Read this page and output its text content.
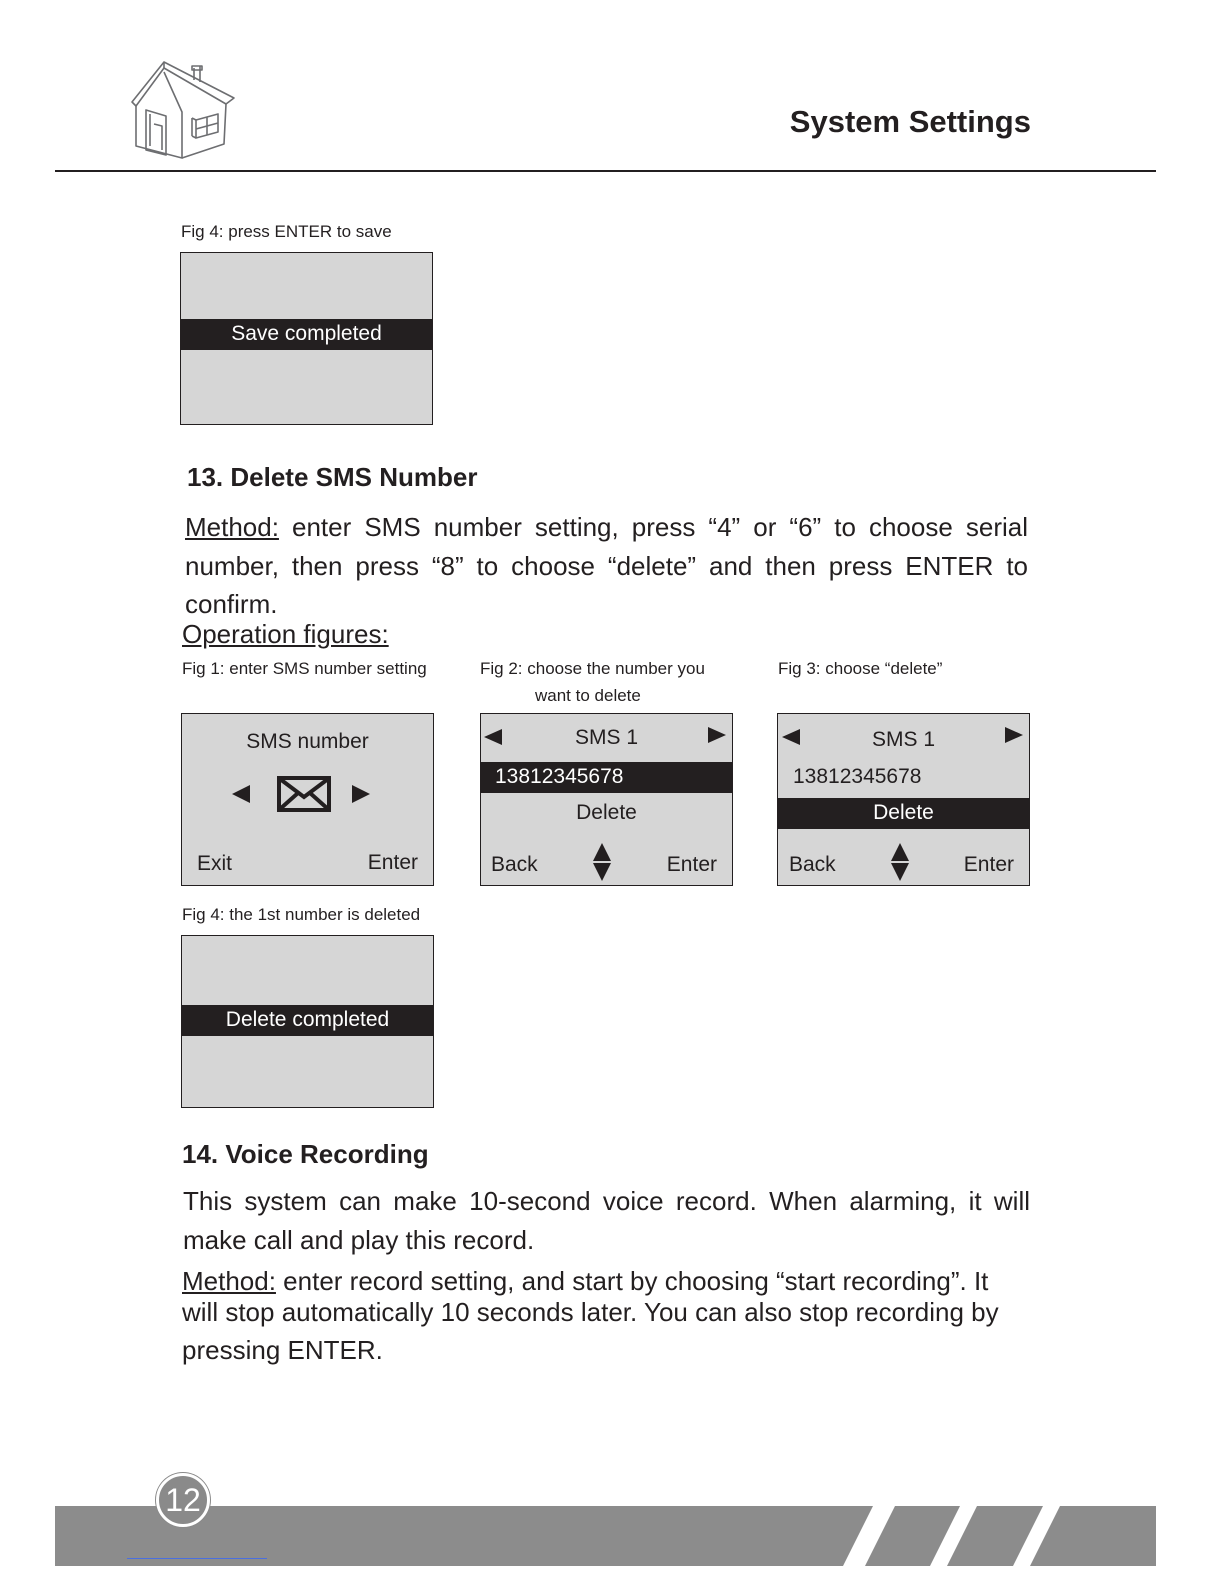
System Settings
Fig 4: press ENTER to save
Save completed
13. Delete SMS Number
Method: enter SMS number setting, press “4” or “6” to choose serial number, then press “8” to choose “delete” and then press ENTER to confirm.
Operation figures:
Fig 1: enter SMS number setting
SMS number
Exit	Enter
Fig 2: choose the number you
want to delete
SMS 1
13812345678
Delete
Back	Enter
Fig 3: choose “delete”
SMS 1
13812345678
Delete
Back	Enter
Fig 4: the 1st number is deleted
Delete completed
14. Voice Recording
This system can make 10-second voice record. When alarming, it will make call and play this record.
Method: enter record setting, and start by choosing “start recording”. It
will stop automatically 10 seconds later. You can also stop recording by
pressing ENTER.
12
